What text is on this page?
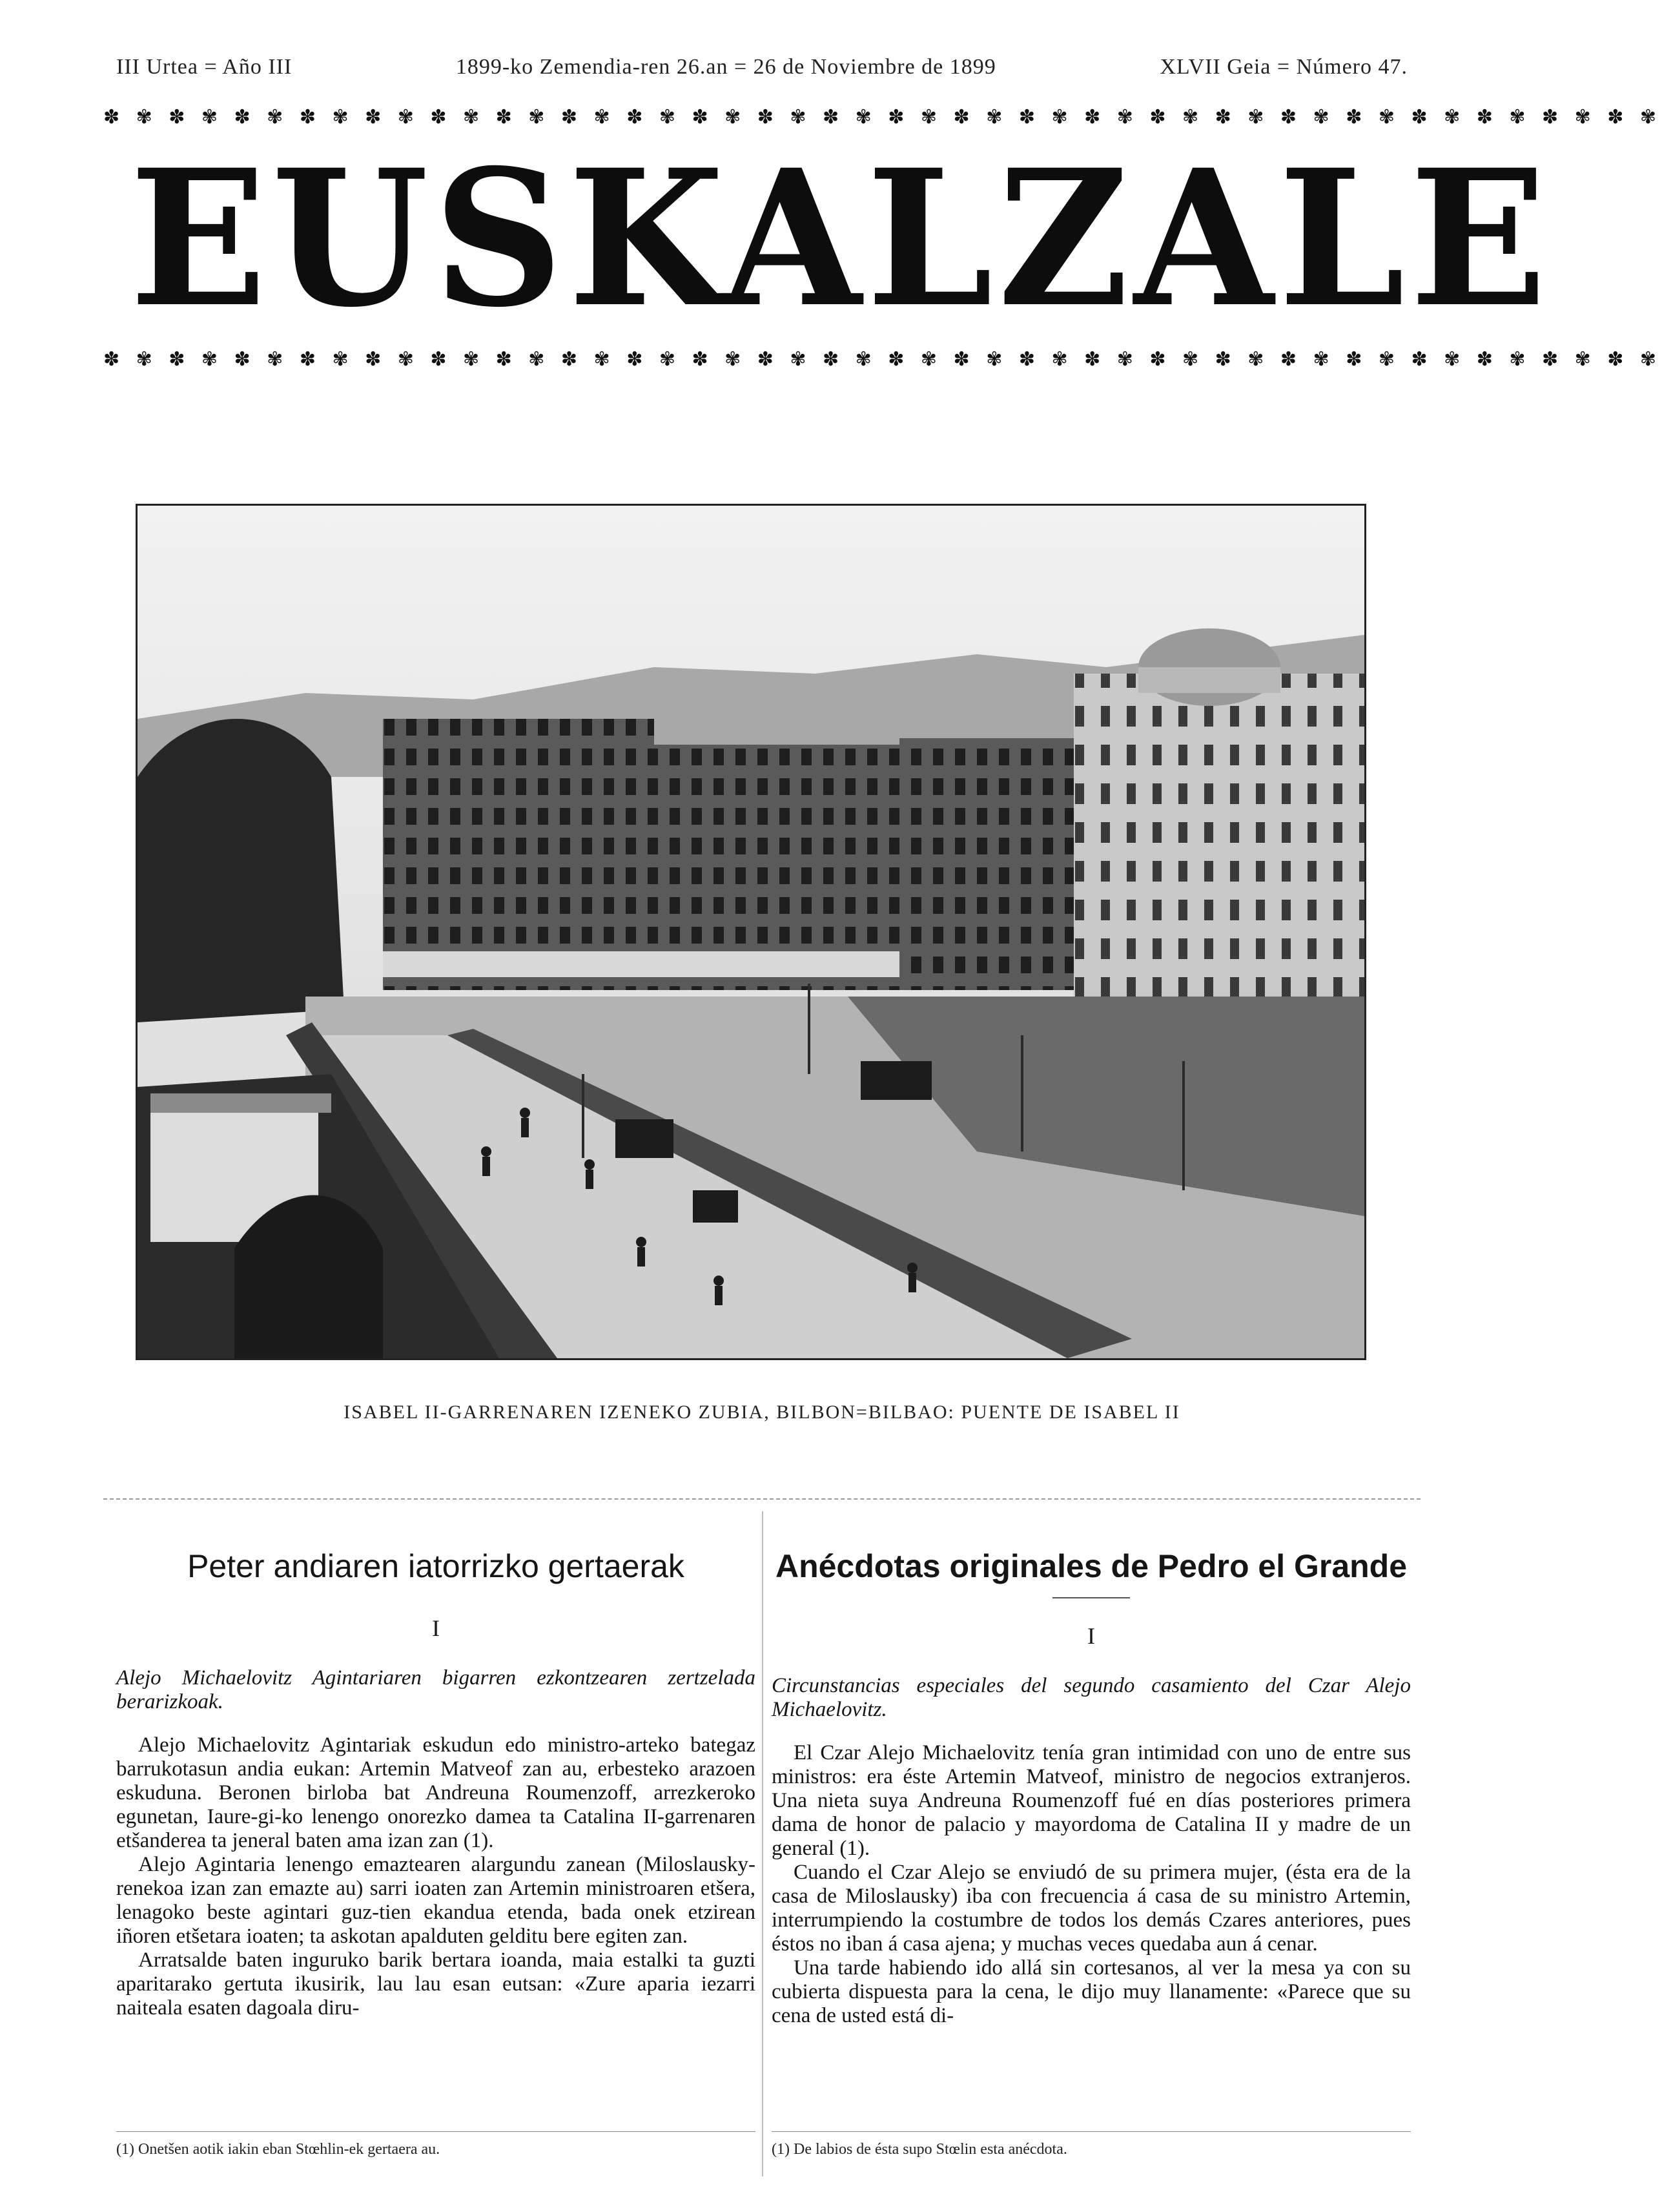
III Urtea = Año III	1899-ko Zemendia-ren 26.an = 26 de Noviembre de 1899	XLVII Geia = Número 47.
✽ ✾ ✽ ✾ ✽ ✾ ✽ ✾ ✽ ✾ ✽ ✾ ✽ ✾ ✽ ✾ ✽ ✾ ✽ ✾ ✽ ✾ ✽ ✾ ✽ ✾ ✽ ✾ ✽ ✾ ✽ ✾ ✽ ✾ ✽ ✾ ✽ ✾ ✽ ✾ ✽ ✾ ✽ ✾ ✽ ✾ ✽ ✾
EUSKALZALE
✽ ✾ ✽ ✾ ✽ ✾ ✽ ✾ ✽ ✾ ✽ ✾ ✽ ✾ ✽ ✾ ✽ ✾ ✽ ✾ ✽ ✾ ✽ ✾ ✽ ✾ ✽ ✾ ✽ ✾ ✽ ✾ ✽ ✾ ✽ ✾ ✽ ✾ ✽ ✾ ✽ ✾ ✽ ✾ ✽ ✾ ✽ ✾
ISABEL II-GARRENAREN IZENEKO ZUBIA, BILBON=BILBAO: PUENTE DE ISABEL II
Peter andiaren iatorrizko gertaerak

I

Alejo Michaelovitz Agintariaren bigarren ezkontzearen zertzelada berarizkoak.

Alejo Michaelovitz Agintariak eskudun edo ministro-arteko bategaz barrukotasun andia eukan: Artemin Matveof zan au, erbesteko arazoen eskuduna. Beronen birloba bat Andreuna Roumenzoff, arrezkeroko egunetan, Iaure-gi-ko lenengo onorezko damea ta Catalina II-garrenaren etšanderea ta jeneral baten ama izan zan (1).

Alejo Agintaria lenengo emaztearen alargundu zanean (Miloslausky-renekoa izan zan emazte au) sarri ioaten zan Artemin ministroaren etšera, lenagoko beste agintari guz-tien ekandua etenda, bada onek etzirean iñoren etšetara ioaten; ta askotan apalduten gelditu bere egiten zan.

Arratsalde baten inguruko barik bertara ioanda, maia estalki ta guzti aparitarako gertuta ikusirik, lau lau esan eutsan: «Zure aparia iezarri naiteala esaten dagoala diru-

Anécdotas originales de Pedro el Grande

I

Circunstancias especiales del segundo casamiento del Czar Alejo Michaelovitz.

El Czar Alejo Michaelovitz tenía gran intimidad con uno de entre sus ministros: era éste Artemin Matveof, ministro de negocios extranjeros. Una nieta suya Andreuna Roumenzoff fué en días posteriores primera dama de honor de palacio y mayordoma de Catalina II y madre de un general (1).

Cuando el Czar Alejo se enviudó de su primera mujer, (ésta era de la casa de Miloslausky) iba con frecuencia á casa de su ministro Artemin, interrumpiendo la costumbre de todos los demás Czares anteriores, pues éstos no iban á casa ajena; y muchas veces quedaba aun á cenar.

Una tarde habiendo ido allá sin cortesanos, al ver la mesa ya con su cubierta dispuesta para la cena, le dijo muy llanamente: «Parece que su cena de usted está di-

(1) Onetšen aotik iakin eban Stœhlin-ek gertaera au.	(1) De labios de ésta supo Stœlin esta anécdota.
